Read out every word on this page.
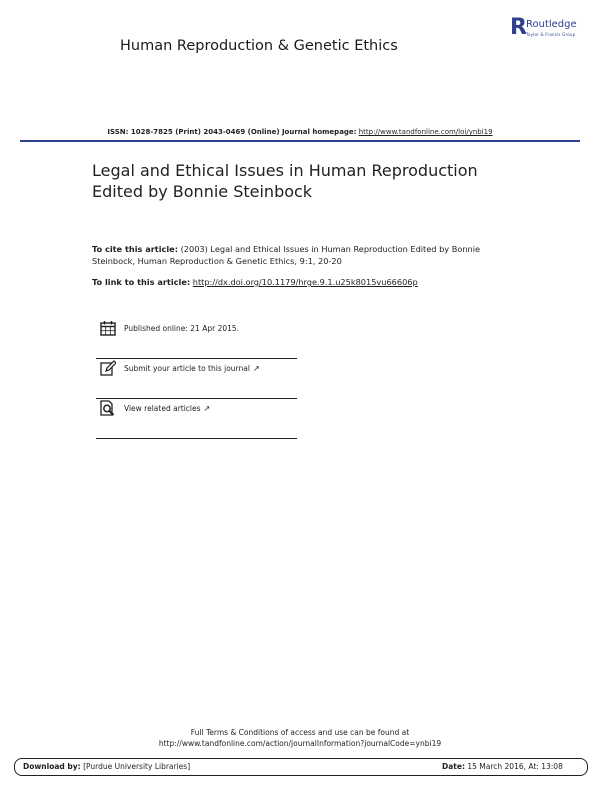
Human Reproduction & Genetic Ethics
R Routledge
Taylor & Francis Group
ISSN: 1028-7825 (Print) 2043-0469 (Online) Journal homepage: http://www.tandfonline.com/loi/ynbi19
Legal and Ethical Issues in Human Reproduction
Edited by Bonnie Steinbock
To cite this article: (2003) Legal and Ethical Issues in Human Reproduction Edited by Bonnie Steinbock, Human Reproduction & Genetic Ethics, 9:1, 20-20
To link to this article: http://dx.doi.org/10.1179/hrge.9.1.u25k8015vu66606p
Published online: 21 Apr 2015.
Submit your article to this journal ↗
View related articles ↗
Full Terms & Conditions of access and use can be found at
http://www.tandfonline.com/action/journalInformation?journalCode=ynbi19
Download by: [Purdue University Libraries]	Date: 15 March 2016, At: 13:08
